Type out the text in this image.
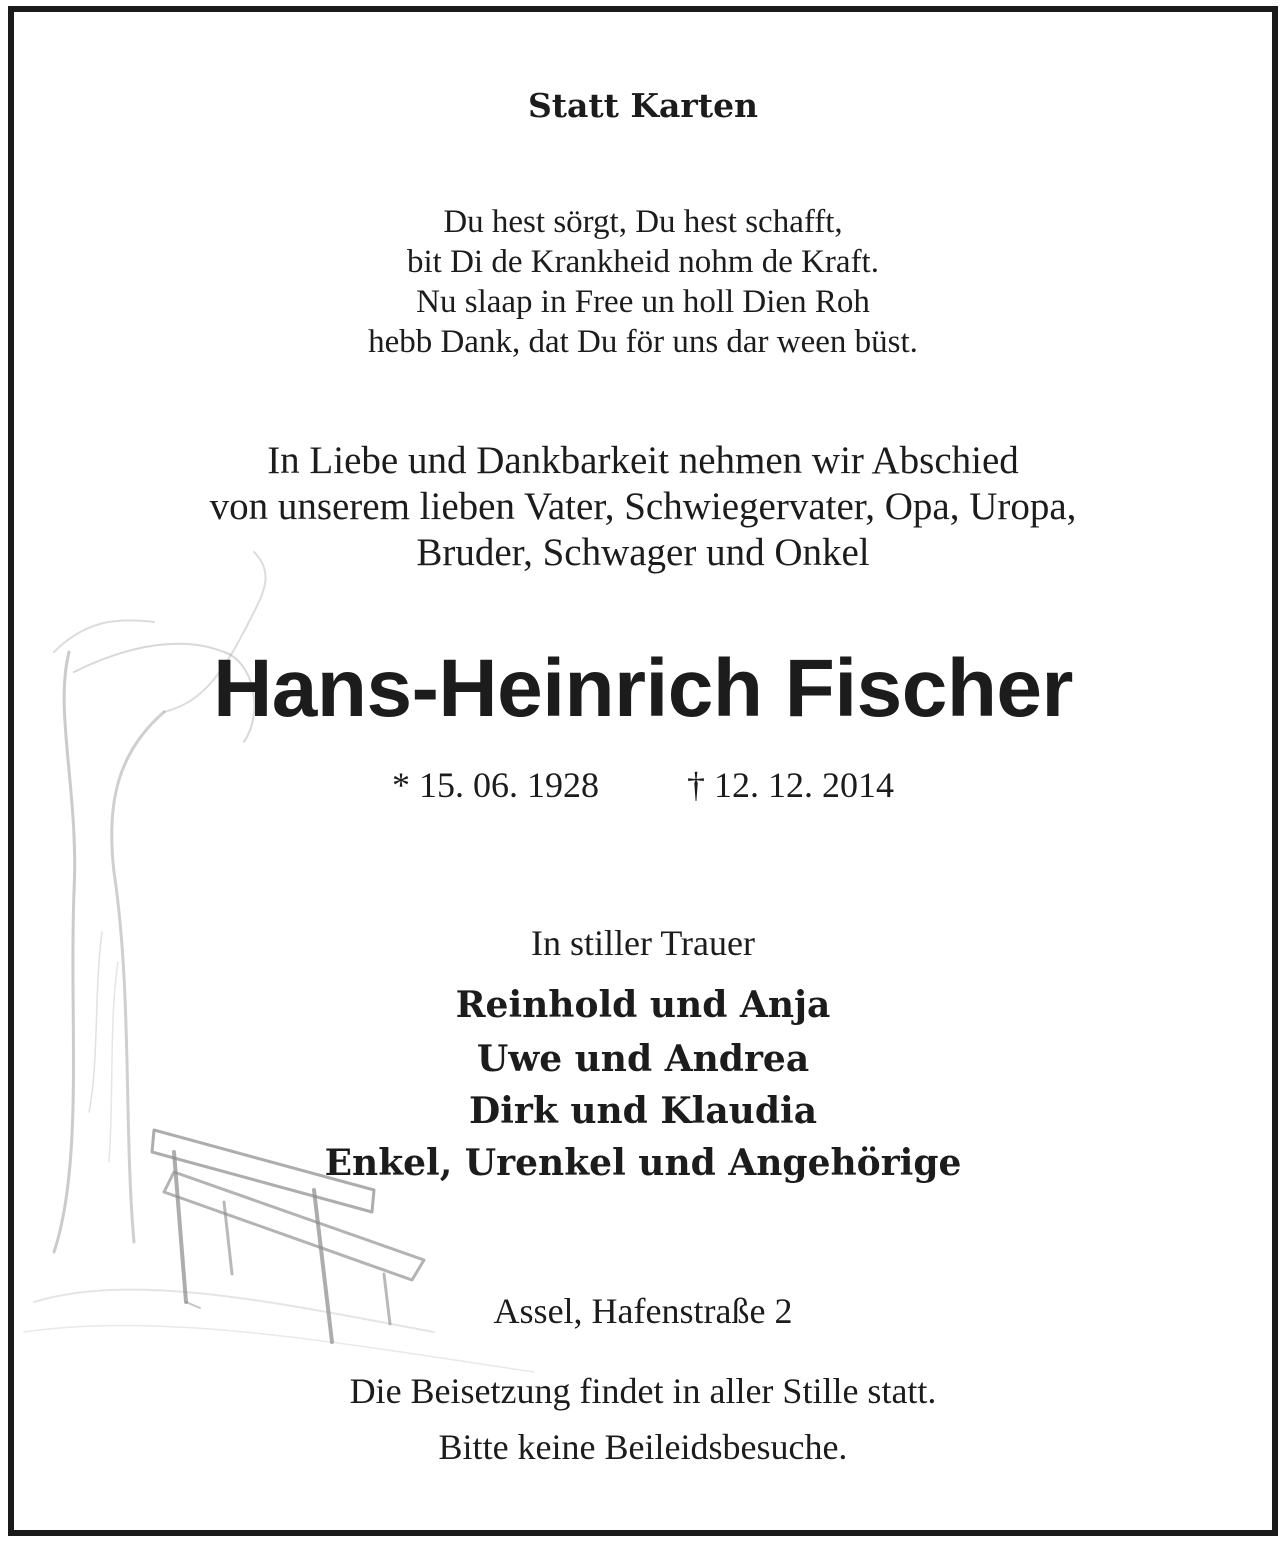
Statt Karten
Du hest sörgt, Du hest schafft,
bit Di de Krankheid nohm de Kraft.
Nu slaap in Free un holl Dien Roh
hebb Dank, dat Du för uns dar ween büst.
In Liebe und Dankbarkeit nehmen wir Abschied
von unserem lieben Vater, Schwiegervater, Opa, Uropa,
Bruder, Schwager und Onkel
Hans-Heinrich Fischer
* 15. 06. 1928 † 12. 12. 2014
In stiller Trauer
Reinhold und Anja
Uwe und Andrea
Dirk und Klaudia
Enkel, Urenkel und Angehörige
Assel, Hafenstraße 2
Die Beisetzung findet in aller Stille statt.
Bitte keine Beileidsbesuche.
